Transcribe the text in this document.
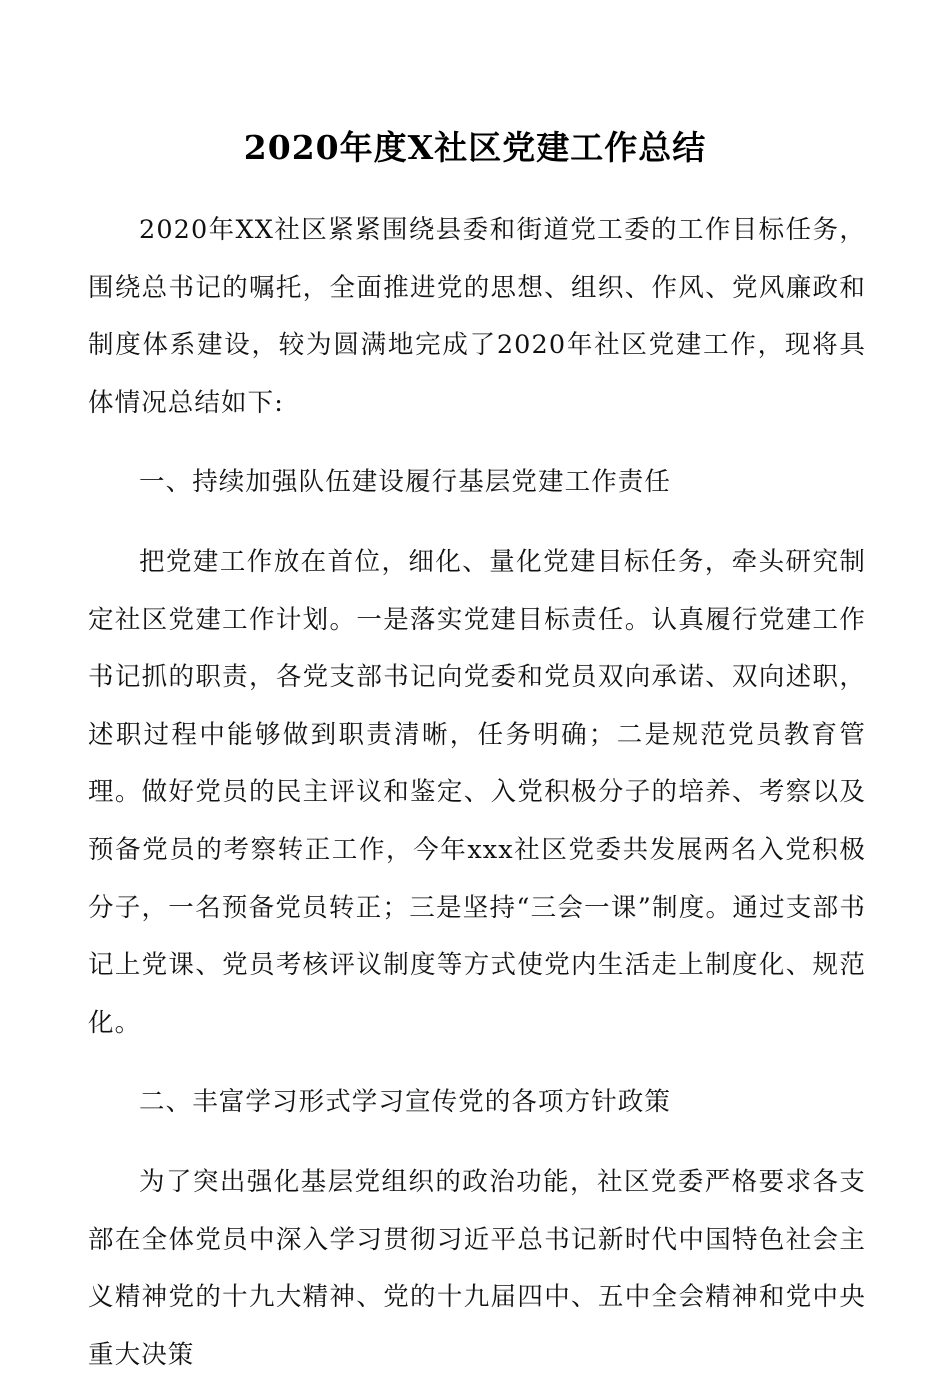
2020年度X社区党建工作总结

2020年XX社区紧紧围绕县委和街道党工委的工作目标任务，围绕总书记的嘱托，全面推进党的思想、组织、作风、党风廉政和制度体系建设，较为圆满地完成了2020年社区党建工作，现将具体情况总结如下:

一、持续加强队伍建设履行基层党建工作责任

把党建工作放在首位，细化、量化党建目标任务，牵头研究制定社区党建工作计划。一是落实党建目标责任。认真履行党建工作书记抓的职责，各党支部书记向党委和党员双向承诺、双向述职，述职过程中能够做到职责清晰，任务明确；二是规范党员教育管理。做好党员的民主评议和鉴定、入党积极分子的培养、考察以及预备党员的考察转正工作，今年xxx社区党委共发展两名入党积极分子，一名预备党员转正；三是坚持“三会一课”制度。通过支部书记上党课、党员考核评议制度等方式使党内生活走上制度化、规范化。

二、丰富学习形式学习宣传党的各项方针政策

为了突出强化基层党组织的政治功能，社区党委严格要求各支部在全体党员中深入学习贯彻习近平总书记新时代中国特色社会主义精神党的十九大精神、党的十九届四中、五中全会精神和党中央重大决策
